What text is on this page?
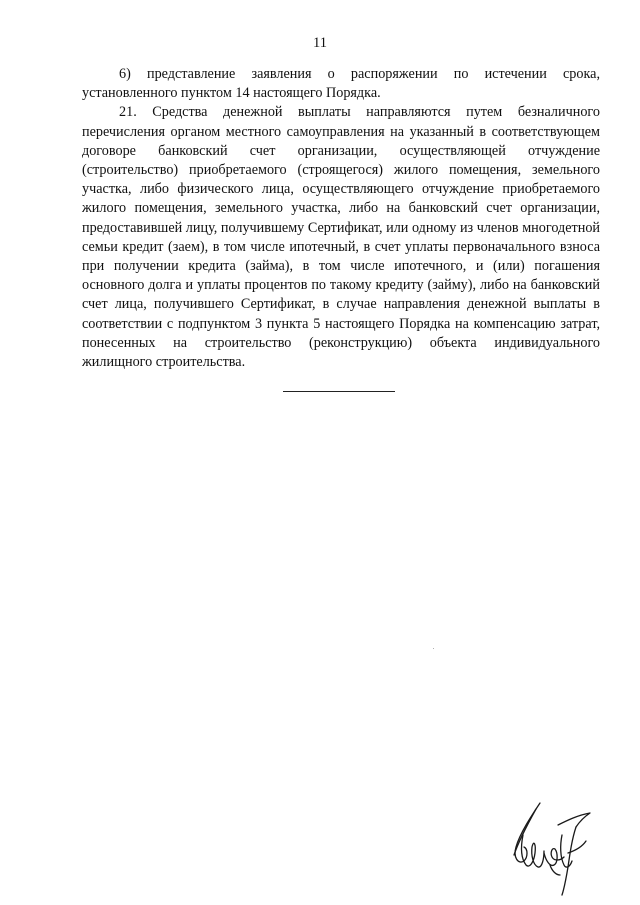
11

6) представление заявления о распоряжении по истечении срока, установленного пунктом 14 настоящего Порядка.

21. Средства денежной выплаты направляются путем безналичного перечисления органом местного самоуправления на указанный в соответствующем договоре банковский счет организации, осуществляющей отчуждение (строительство) приобретаемого (строящегося) жилого помещения, земельного участка, либо физического лица, осуществляющего отчуждение приобретаемого жилого помещения, земельного участка, либо на банковский счет организации, предоставившей лицу, получившему Сертификат, или одному из членов многодетной семьи кредит (заем), в том числе ипотечный, в счет уплаты первоначального взноса при получении кредита (займа), в том числе ипотечного, и (или) погашения основного долга и уплаты процентов по такому кредиту (займу), либо на банковский счет лица, получившего Сертификат, в случае направления денежной выплаты в соответствии с подпунктом 3 пункта 5 настоящего Порядка на компенсацию затрат, понесенных на строительство (реконструкцию) объекта индивидуального жилищного строительства.
